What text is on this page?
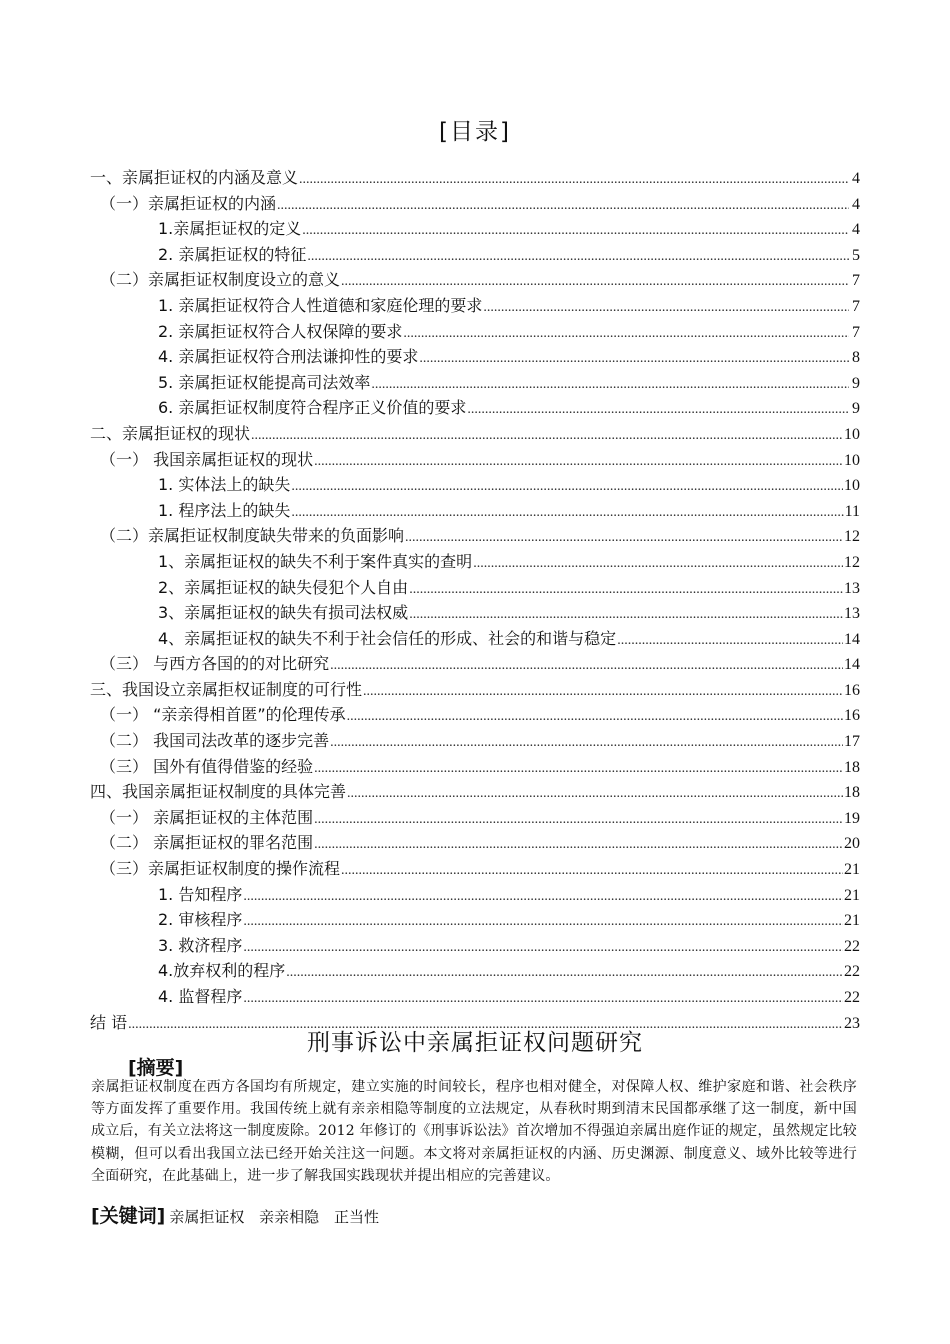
[目录]
一、亲属拒证权的内涵及意义 .....	4
（一）亲属拒证权的内涵 .....	4
1.亲属拒证权的定义 .....	4
2. 亲属拒证权的特征 .....	5
（二）亲属拒证权制度设立的意义 .....	7
1. 亲属拒证权符合人性道德和家庭伦理的要求 .....	7
2. 亲属拒证权符合人权保障的要求 .....	7
4. 亲属拒证权符合刑法谦抑性的要求 .....	8
5. 亲属拒证权能提高司法效率 .....	9
6. 亲属拒证权制度符合程序正义价值的要求 .....	9
二、亲属拒证权的现状 .....	10
（一） 我国亲属拒证权的现状 .....	10
1. 实体法上的缺失 .....	10
1. 程序法上的缺失 .....	11
（二）亲属拒证权制度缺失带来的负面影响 .....	12
1、亲属拒证权的缺失不利于案件真实的查明 .....	12
2、亲属拒证权的缺失侵犯个人自由 .....	13
3、亲属拒证权的缺失有损司法权威 .....	13
4、亲属拒证权的缺失不利于社会信任的形成、社会的和谐与稳定 .....	14
（三） 与西方各国的的对比研究 .....	14
三、我国设立亲属拒权证制度的可行性 .....	16
（一） “亲亲得相首匿”的伦理传承 .....	16
（二） 我国司法改革的逐步完善 .....	17
（三） 国外有值得借鉴的经验 .....	18
四、我国亲属拒证权制度的具体完善 .....	18
（一） 亲属拒证权的主体范围 .....	19
（二） 亲属拒证权的罪名范围 .....	20
（三）亲属拒证权制度的操作流程 .....	21
1. 告知程序 .....	21
2. 审核程序 .....	21
3. 救济程序 .....	22
4.放弃权利的程序 .....	22
4. 监督程序 .....	22
结 语 .....	23
刑事诉讼中亲属拒证权问题研究
[摘要]
亲属拒证权制度在西方各国均有所规定，建立实施的时间较长，程序也相对健全，对保障人权、维护家庭和谐、社会秩序等方面发挥了重要作用。我国传统上就有亲亲相隐等制度的立法规定，从春秋时期到清末民国都承继了这一制度，新中国成立后，有关立法将这一制度废除。2012 年修订的《刑事诉讼法》首次增加不得强迫亲属出庭作证的规定，虽然规定比较模糊，但可以看出我国立法已经开始关注这一问题。本文将对亲属拒证权的内涵、历史渊源、制度意义、域外比较等进行全面研究，在此基础上，进一步了解我国实践现状并提出相应的完善建议。
[关键词] 亲属拒证权 亲亲相隐 正当性
